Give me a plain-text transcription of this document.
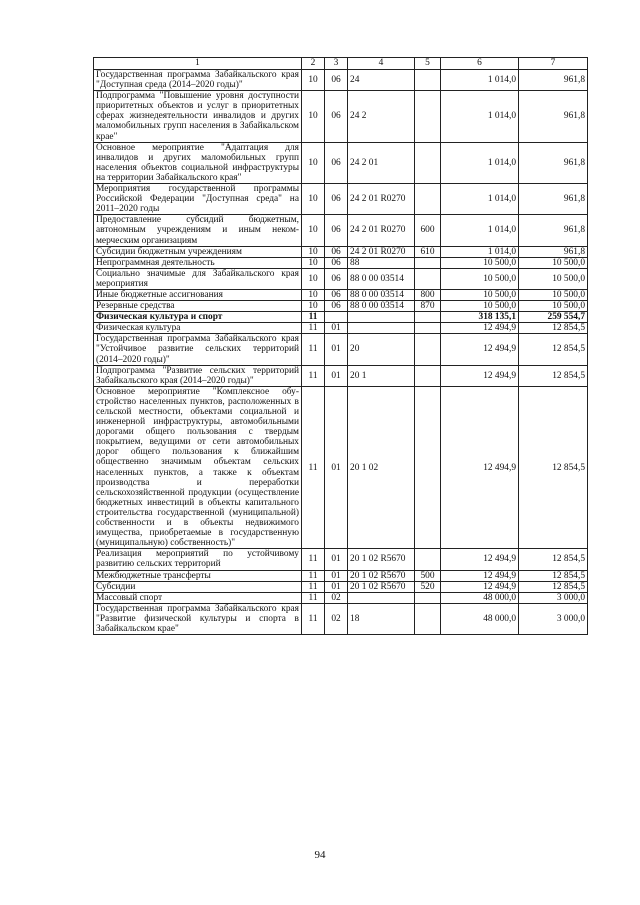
1	2	3	4	5	6	7
Государственная программа Забайкальского края "Доступная среда (2014–2020 годы)"	10	06	24		1 014,0	961,8
Подпрограмма "Повышение уровня доступности приоритетных объектов и услуг в приоритетных сферах жизнедеятельности инвалидов и других маломобильных групп населения в Забайкальском крае"	10	06	24 2		1 014,0	961,8
Основное мероприятие "Адаптация для инвалидов и других маломобильных групп населения объектов социальной инфраструктуры на территории Забайкальского края"	10	06	24 2 01		1 014,0	961,8
Мероприятия государственной программы Российской Федерации "Доступная среда" на 2011–2020 годы	10	06	24 2 01 R0270		1 014,0	961,8
Предоставление субсидий бюджетным, автономным учреждениям и иным некоммерческим организациям	10	06	24 2 01 R0270	600	1 014,0	961,8
Субсидии бюджетным учреждениям	10	06	24 2 01 R0270	610	1 014,0	961,8
Непрограммная деятельность	10	06	88		10 500,0	10 500,0
Социально значимые для Забайкальского края мероприятия	10	06	88 0 00 03514		10 500,0	10 500,0
Иные бюджетные ассигнования	10	06	88 0 00 03514	800	10 500,0	10 500,0
Резервные средства	10	06	88 0 00 03514	870	10 500,0	10 500,0
Физическая культура и спорт	11				318 135,1	259 554,7
Физическая культура	11	01			12 494,9	12 854,5
Государственная программа Забайкальского края "Устойчивое развитие сельских территорий (2014–2020 годы)"	11	01	20		12 494,9	12 854,5
Подпрограмма "Развитие сельских территорий Забайкальского края (2014–2020 годы)"	11	01	20 1		12 494,9	12 854,5
Основное мероприятие "Комплексное обустройство населенных пунктов, расположенных в сельской местности, объектами социальной и инженерной инфраструктуры, автомобильными дорогами общего пользования с твердым покрытием, ведущими от сети автомобильных дорог общего пользования к ближайшим общественно значимым объектам сельских населенных пунктов, а также к объектам производства и переработки сельскохозяйственной продукции (осуществление бюджетных инвестиций в объекты капитального строительства государственной (муниципальной) собственности и в объекты недвижимого имущества, приобретаемые в государственную (муниципальную) собственность)"	11	01	20 1 02		12 494,9	12 854,5
Реализация мероприятий по устойчивому развитию сельских территорий	11	01	20 1 02 R5670		12 494,9	12 854,5
Межбюджетные трансферты	11	01	20 1 02 R5670	500	12 494,9	12 854,5
Субсидии	11	01	20 1 02 R5670	520	12 494,9	12 854,5
Массовый спорт	11	02			48 000,0	3 000,0
Государственная программа Забайкальского края "Развитие физической культуры и спорта в Забайкальском крае"	11	02	18		48 000,0	3 000,0
94
